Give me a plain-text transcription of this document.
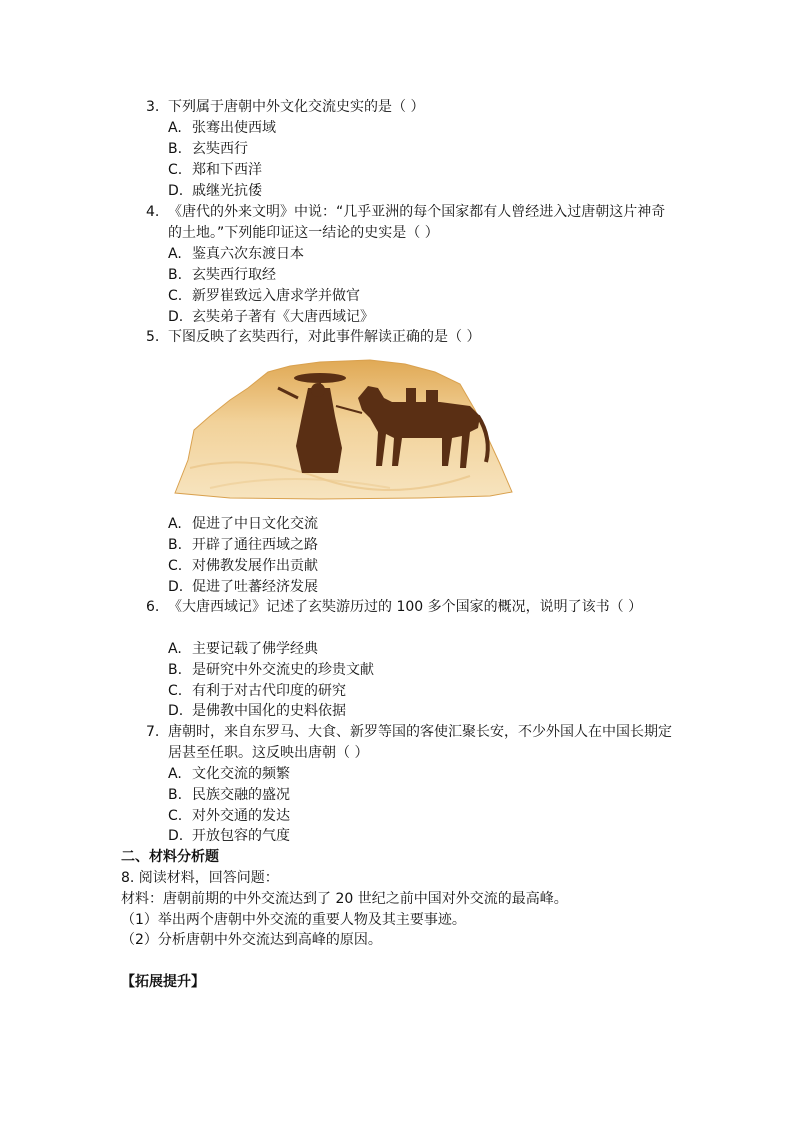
3. 下列属于唐朝中外文化交流史实的是（ ）
A. 张骞出使西域
B. 玄奘西行
C. 郑和下西洋
D. 戚继光抗倭
4. 《唐代的外来文明》中说：“几乎亚洲的每个国家都有人曾经进入过唐朝这片神奇的土地。”下列能印证这一结论的史实是（ ）
A. 鉴真六次东渡日本
B. 玄奘西行取经
C. 新罗崔致远入唐求学并做官
D. 玄奘弟子著有《大唐西域记》
5. 下图反映了玄奘西行，对此事件解读正确的是（ ）
A. 促进了中日文化交流
B. 开辟了通往西域之路
C. 对佛教发展作出贡献
D. 促进了吐蕃经济发展
6. 《大唐西域记》记述了玄奘游历过的 100 多个国家的概况，说明了该书（ ）
A. 主要记载了佛学经典
B. 是研究中外交流史的珍贵文献
C. 有利于对古代印度的研究
D. 是佛教中国化的史料依据
7. 唐朝时，来自东罗马、大食、新罗等国的客使汇聚长安，不少外国人在中国长期定居甚至任职。这反映出唐朝（ ）
A. 文化交流的频繁
B. 民族交融的盛况
C. 对外交通的发达
D. 开放包容的气度
二、材料分析题
8. 阅读材料，回答问题：
材料：唐朝前期的中外交流达到了 20 世纪之前中国对外交流的最高峰。
（1）举出两个唐朝中外交流的重要人物及其主要事迹。
（2）分析唐朝中外交流达到高峰的原因。
【拓展提升】
